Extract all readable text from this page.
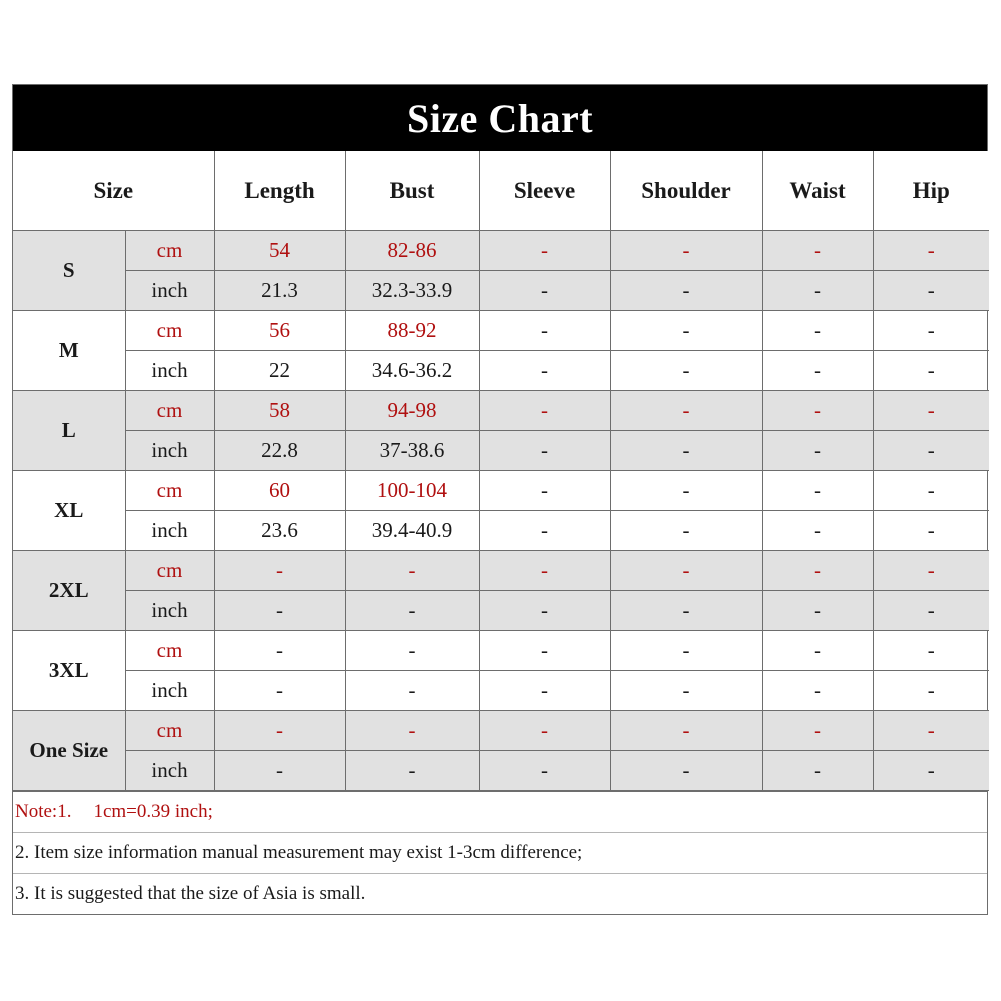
Size Chart
Size		Length	Bust	Sleeve	Shoulder	Waist	Hip
S	cm	54	82-86	-	-	-	-
	inch	21.3	32.3-33.9	-	-	-	-
M	cm	56	88-92	-	-	-	-
	inch	22	34.6-36.2	-	-	-	-
L	cm	58	94-98	-	-	-	-
	inch	22.8	37-38.6	-	-	-	-
XL	cm	60	100-104	-	-	-	-
	inch	23.6	39.4-40.9	-	-	-	-
2XL	cm	-	-	-	-	-	-
	inch	-	-	-	-	-	-
3XL	cm	-	-	-	-	-	-
	inch	-	-	-	-	-	-
One Size	cm	-	-	-	-	-	-
	inch	-	-	-	-	-	-
Note:1. 1cm=0.39 inch;
2. Item size information manual measurement may exist 1-3cm difference;
3. It is suggested that the size of Asia is small.
